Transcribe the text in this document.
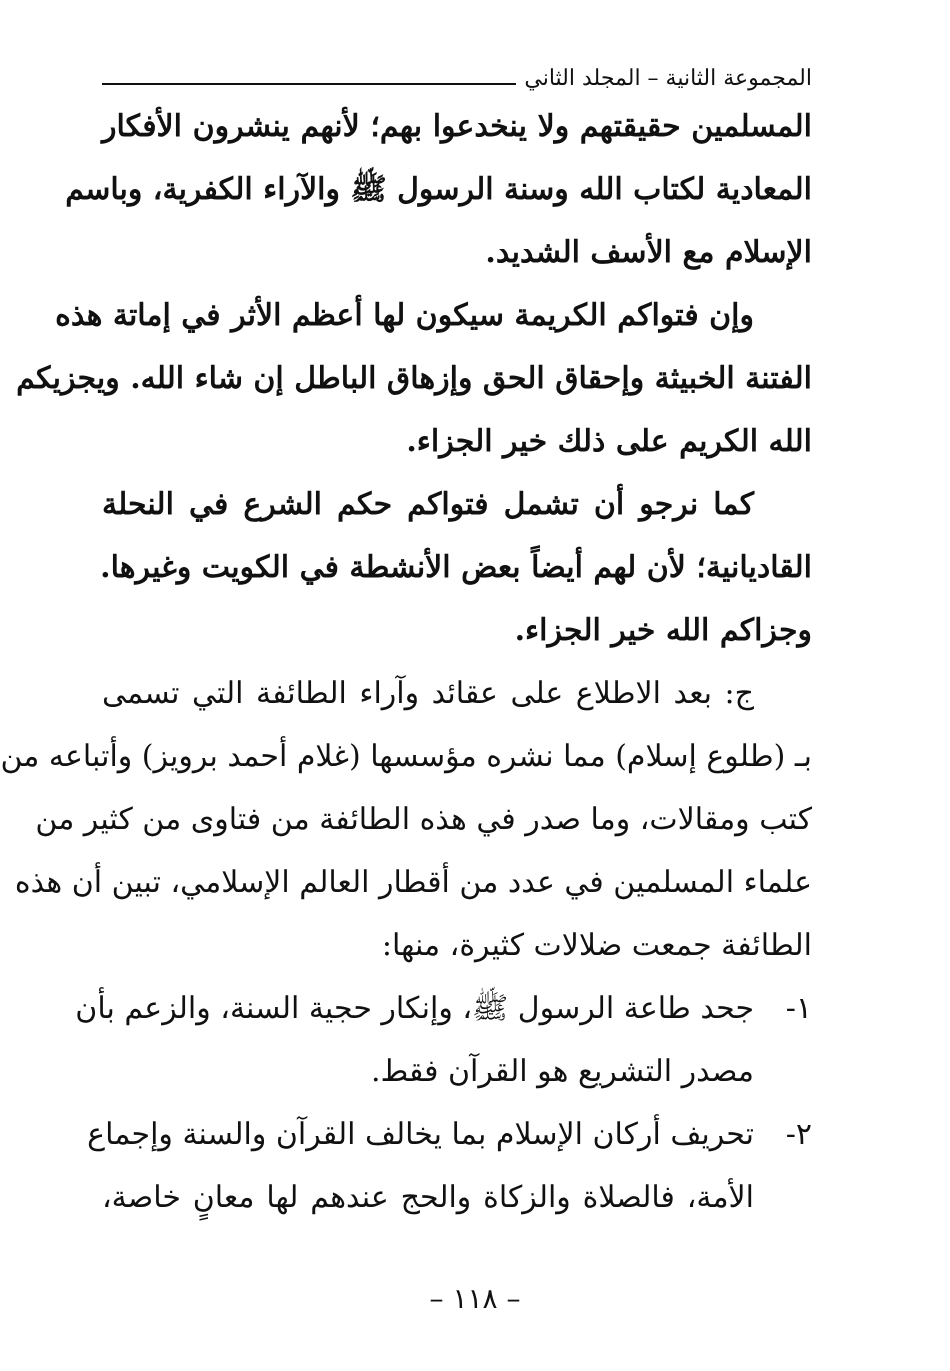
المجموعة الثانية – المجلد الثاني
المسلمين حقيقتهم ولا ينخدعوا بهم؛ لأنهم ينشرون الأفكار
المعادية لكتاب الله وسنة الرسول ﷺ والآراء الكفرية، وباسم
الإسلام مع الأسف الشديد.
وإن فتواكم الكريمة سيكون لها أعظم الأثر في إماتة هذه
الفتنة الخبيثة وإحقاق الحق وإزهاق الباطل إن شاء الله. ويجزيكم
الله الكريم على ذلك خير الجزاء.
كما نرجو أن تشمل فتواكم حكم الشرع في النحلة
القاديانية؛ لأن لهم أيضاً بعض الأنشطة في الكويت وغيرها.
وجزاكم الله خير الجزاء.
ج: بعد الاطلاع على عقائد وآراء الطائفة التي تسمى
بـ (طلوع إسلام) مما نشره مؤسسها (غلام أحمد برويز) وأتباعه من
كتب ومقالات، وما صدر في هذه الطائفة من فتاوى من كثير من
علماء المسلمين في عدد من أقطار العالم الإسلامي، تبين أن هذه
الطائفة جمعت ضلالات كثيرة، منها:
١-
جحد طاعة الرسول ﷺ، وإنكار حجية السنة، والزعم بأن
مصدر التشريع هو القرآن فقط.
٢-
تحريف أركان الإسلام بما يخالف القرآن والسنة وإجماع
الأمة، فالصلاة والزكاة والحج عندهم لها معانٍ خاصة،
– ١١٨ –
